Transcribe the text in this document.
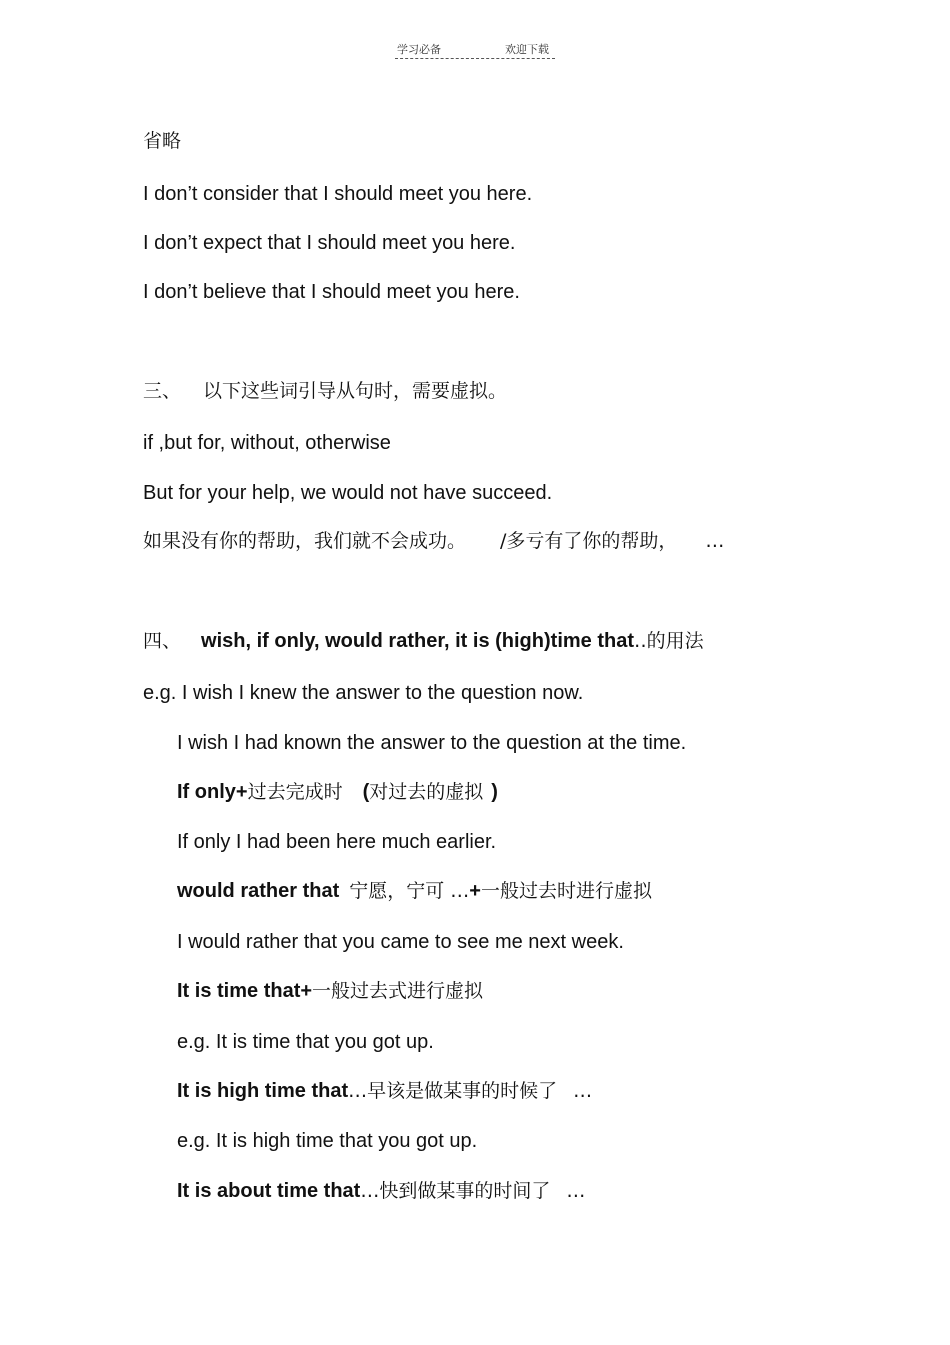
学习必备	欢迎下载
省略
I don’t consider that I should meet you here.
I don’t expect that I should meet you here.
I don’t believe that I should meet you here.
三、 以下这些词引导从句时，需要虚拟。
if ,but for, without, otherwise
But for your help, we would not have succeed.
如果没有你的帮助，我们就不会成功。 /多亏有了你的帮助， …
四、 wish, if only, would rather, it is (high)time that‥的用法
e.g. I wish I knew the answer to the question now.
I wish I had known the answer to the question at the time.
If only+过去完成时 (对过去的虚拟 )
If only I had been here much earlier.
would rather that 宁愿，宁可 …+一般过去时进行虚拟
I would rather that you came to see me next week.
It is time that+一般过去式进行虚拟
e.g. It is time that you got up.
It is high time that…早该是做某事的时候了 …
e.g. It is high time that you got up.
It is about time that…快到做某事的时间了 …
